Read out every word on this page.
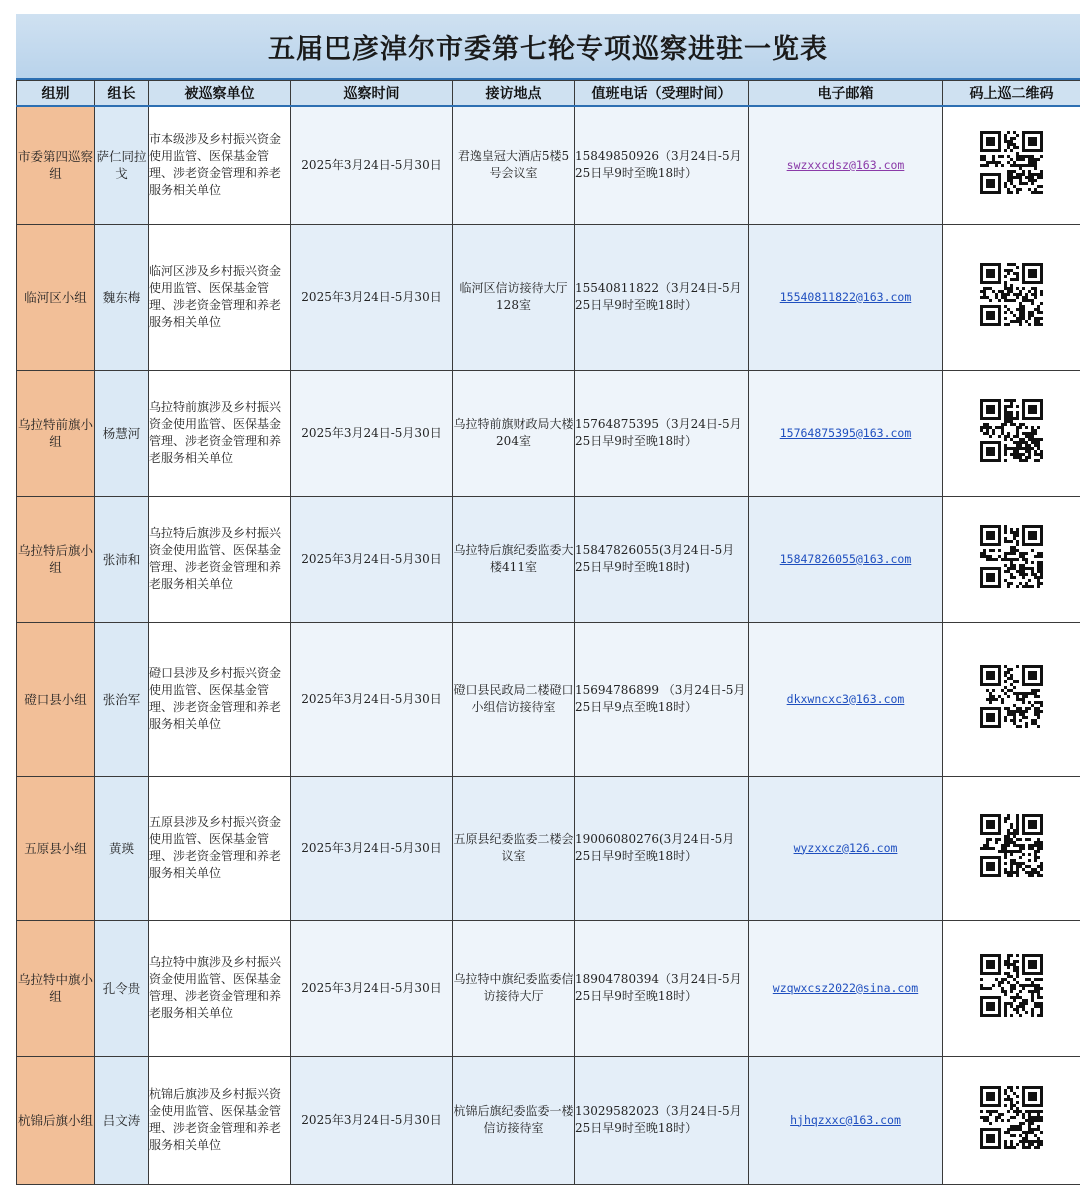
五届巴彦淖尔市委第七轮专项巡察进驻一览表
组别	组长	被巡察单位	巡察时间	接访地点	值班电话（受理时间）	电子邮箱	码上巡二维码
市委第四巡察组	萨仁同拉戈	市本级涉及乡村振兴资金使用监管、医保基金管理、涉老资金管理和养老服务相关单位	2025年3月24日-5月30日	君逸皇冠大酒店5楼5号会议室	15849850926（3月24日-5月25日早9时至晚18时）	swzxxcdsz@163.com	

临河区小组	魏东梅	临河区涉及乡村振兴资金使用监管、医保基金管理、涉老资金管理和养老服务相关单位	2025年3月24日-5月30日	临河区信访接待大厅128室	15540811822（3月24日-5月25日早9时至晚18时）	15540811822@163.com	

乌拉特前旗小组	杨慧河	乌拉特前旗涉及乡村振兴资金使用监管、医保基金管理、涉老资金管理和养老服务相关单位	2025年3月24日-5月30日	乌拉特前旗财政局大楼204室	15764875395（3月24日-5月25日早9时至晚18时）	15764875395@163.com	

乌拉特后旗小组	张沛和	乌拉特后旗涉及乡村振兴资金使用监管、医保基金管理、涉老资金管理和养老服务相关单位	2025年3月24日-5月30日	乌拉特后旗纪委监委大楼411室	15847826055(3月24日-5月25日早9时至晚18时)	15847826055@163.com	

磴口县小组	张治军	磴口县涉及乡村振兴资金使用监管、医保基金管理、涉老资金管理和养老服务相关单位	2025年3月24日-5月30日	磴口县民政局二楼磴口小组信访接待室	15694786899 （3月24日-5月25日早9点至晚18时）	dkxwncxc3@163.com	

五原县小组	黄瑛	五原县涉及乡村振兴资金使用监管、医保基金管理、涉老资金管理和养老服务相关单位	2025年3月24日-5月30日	五原县纪委监委二楼会议室	19006080276(3月24日-5月25日早9时至晚18时）	wyzxxcz@126.com	

乌拉特中旗小组	孔令贵	乌拉特中旗涉及乡村振兴资金使用监管、医保基金管理、涉老资金管理和养老服务相关单位	2025年3月24日-5月30日	乌拉特中旗纪委监委信访接待大厅	18904780394（3月24日-5月25日早9时至晚18时）	wzqwxcsz2022@sina.com	

杭锦后旗小组	吕文涛	杭锦后旗涉及乡村振兴资金使用监管、医保基金管理、涉老资金管理和养老服务相关单位	2025年3月24日-5月30日	杭锦后旗纪委监委一楼信访接待室	13029582023（3月24日-5月25日早9时至晚18时）	hjhqzxxc@163.com	
